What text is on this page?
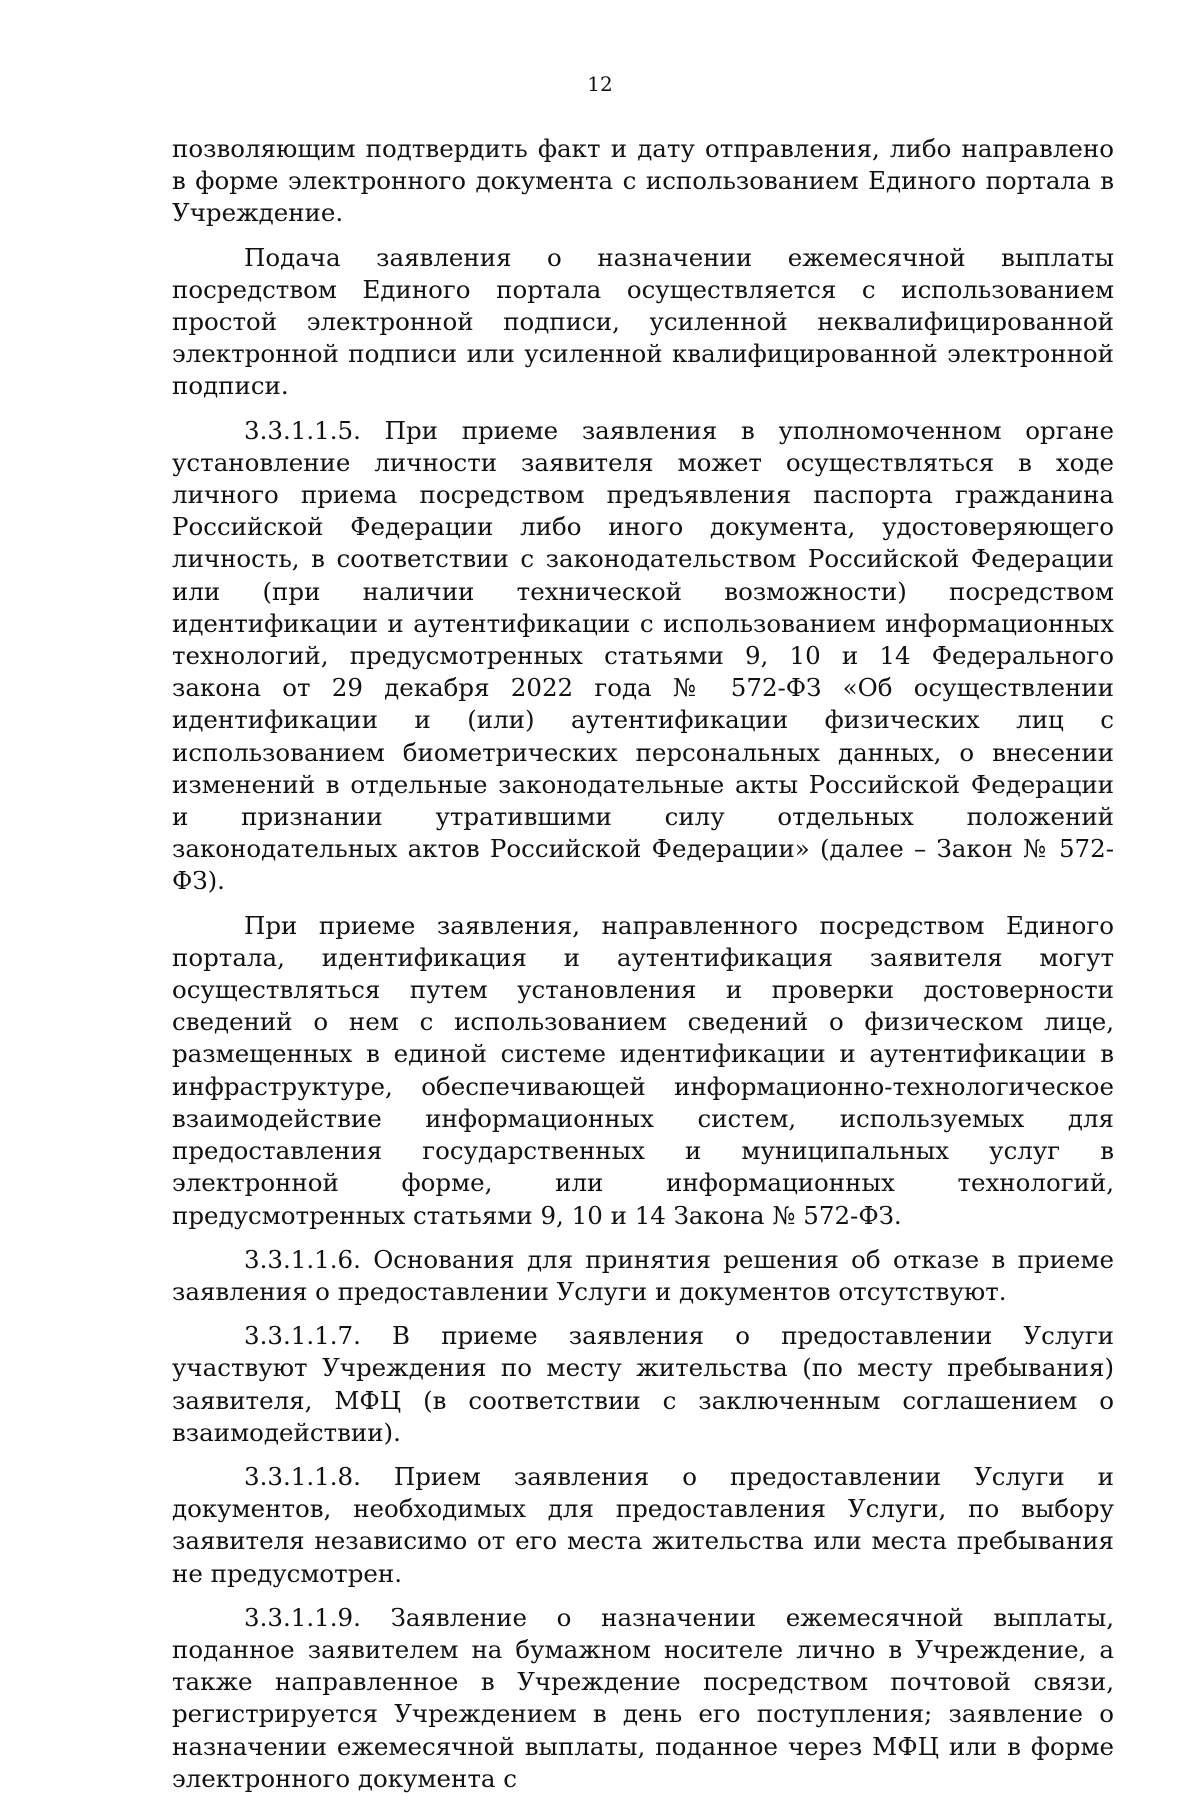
12

позволяющим подтвердить факт и дату отправления, либо направлено в форме электронного документа с использованием Единого портала в Учреждение.

Подача заявления о назначении ежемесячной выплаты посредством Единого портала осуществляется с использованием простой электронной подписи, усиленной неквалифицированной электронной подписи или усиленной квалифицированной электронной подписи.

3.3.1.1.5. При приеме заявления в уполномоченном органе установление личности заявителя может осуществляться в ходе личного приема посредством предъявления паспорта гражданина Российской Федерации либо иного документа, удостоверяющего личность, в соответствии с законодательством Российской Федерации или (при наличии технической возможности) посредством идентификации и аутентификации с использованием информационных технологий, предусмотренных статьями 9, 10 и 14 Федерального закона от 29 декабря 2022 года № 572-ФЗ «Об осуществлении идентификации и (или) аутентификации физических лиц с использованием биометрических персональных данных, о внесении изменений в отдельные законодательные акты Российской Федерации и признании утратившими силу отдельных положений законодательных актов Российской Федерации» (далее – Закон № 572-ФЗ).

При приеме заявления, направленного посредством Единого портала, идентификация и аутентификация заявителя могут осуществляться путем установления и проверки достоверности сведений о нем с использованием сведений о физическом лице, размещенных в единой системе идентификации и аутентификации в инфраструктуре, обеспечивающей информационно-технологическое взаимодействие информационных систем, используемых для предоставления государственных и муниципальных услуг в электронной форме, или информационных технологий, предусмотренных статьями 9, 10 и 14 Закона № 572-ФЗ.

3.3.1.1.6. Основания для принятия решения об отказе в приеме заявления о предоставлении Услуги и документов отсутствуют.

3.3.1.1.7. В приеме заявления о предоставлении Услуги участвуют Учреждения по месту жительства (по месту пребывания) заявителя, МФЦ (в соответствии с заключенным соглашением о взаимодействии).

3.3.1.1.8. Прием заявления о предоставлении Услуги и документов, необходимых для предоставления Услуги, по выбору заявителя независимо от его места жительства или места пребывания не предусмотрен.

3.3.1.1.9. Заявление о назначении ежемесячной выплаты, поданное заявителем на бумажном носителе лично в Учреждение, а также направленное в Учреждение посредством почтовой связи, регистрируется Учреждением в день его поступления; заявление о назначении ежемесячной выплаты, поданное через МФЦ или в форме электронного документа с
